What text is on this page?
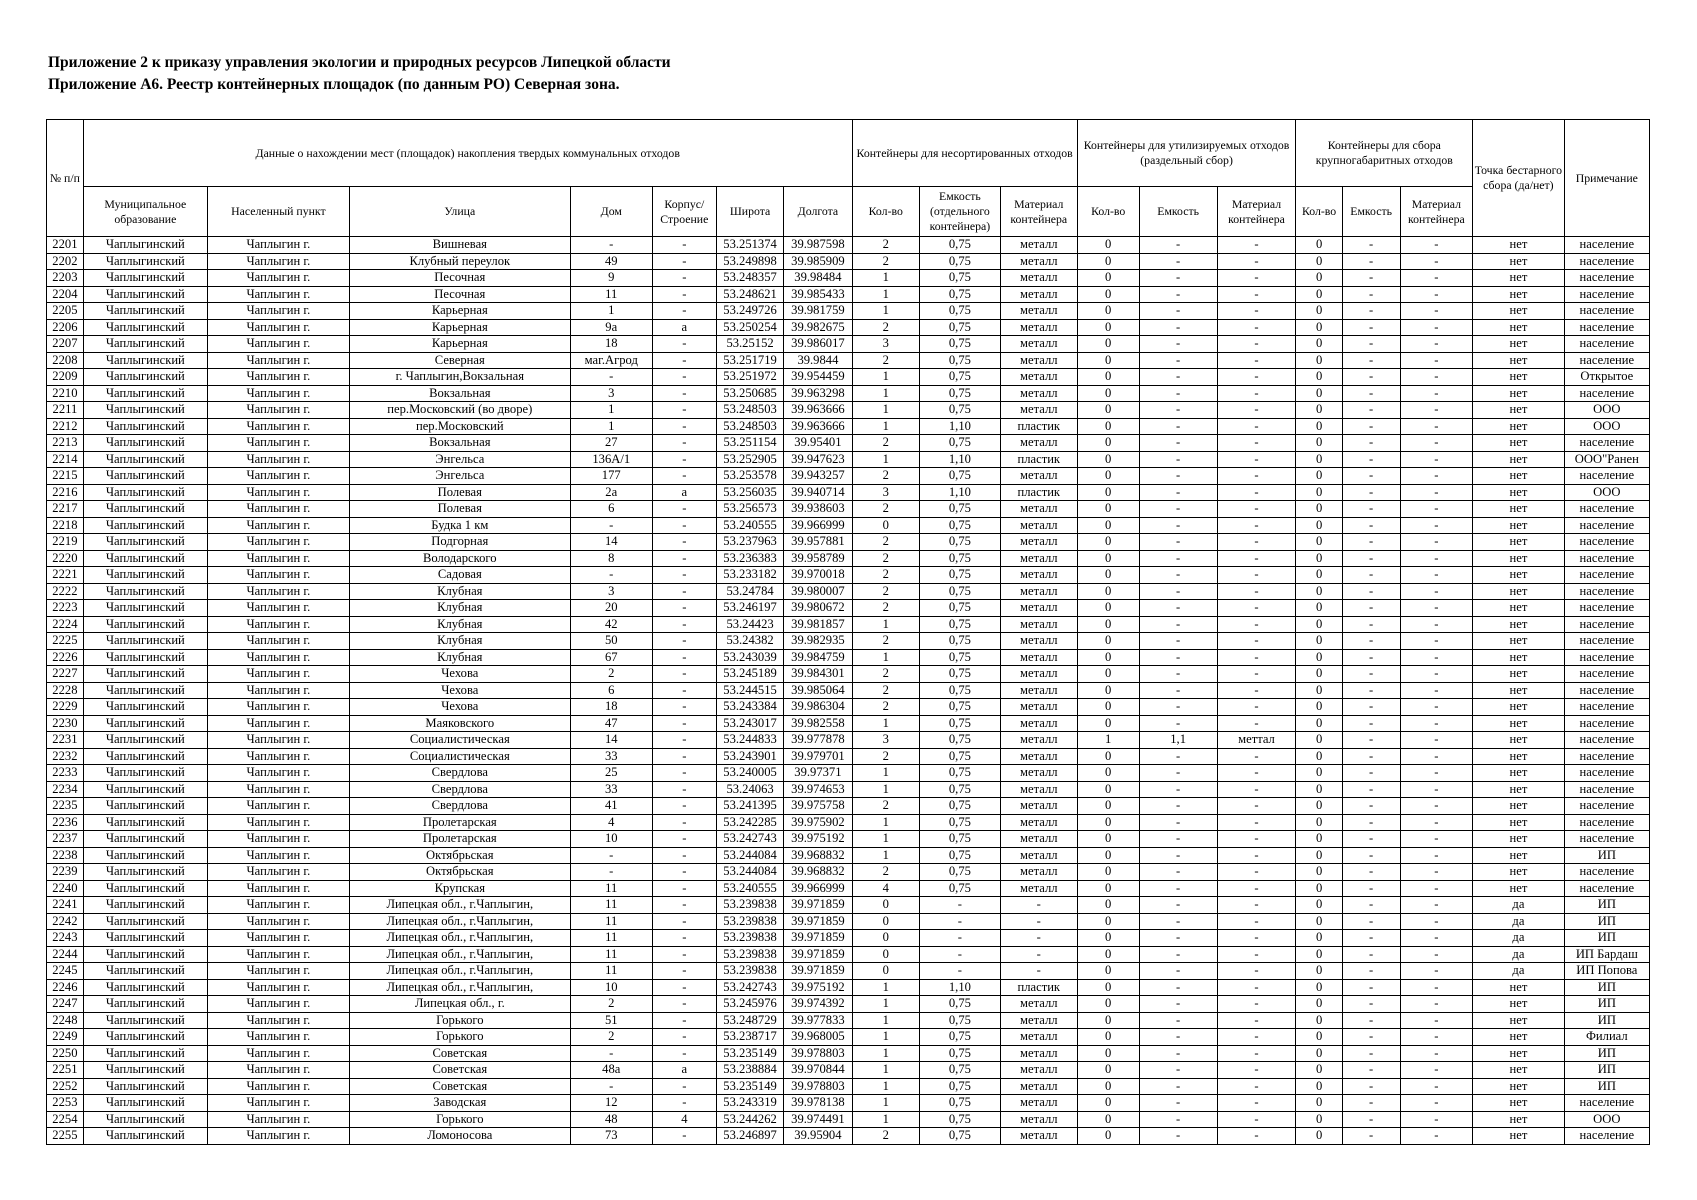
Приложение 2 к приказу управления экологии и природных ресурсов Липецкой области
Приложение А6. Реестр контейнерных площадок (по данным РО) Северная зона.
№ п/п	Данные о нахождении мест (площадок) накопления твердых коммунальных отходов							Контейнеры для несортированных отходов			Контейнеры для утилизируемых отходов (раздельный сбор)			Контейнеры для сбора крупногабаритных отходов			Точка бестарного сбора (да/нет)	Примечание
	Муниципальное образование	Населенный пункт	Улица	Дом	Корпус/ Строение	Широта	Долгота	Кол-во	Емкость (отдельного контейнера)	Материал контейнера	Кол-во	Емкость	Материал контейнера	Кол-во	Емкость	Материал контейнера		
2201	Чаплыгинский	Чаплыгин г.	Вишневая	-	-	53.251374	39.987598	2	0,75	металл	0	-	-	0	-	-	нет	население
2202	Чаплыгинский	Чаплыгин г.	Клубный переулок	49	-	53.249898	39.985909	2	0,75	металл	0	-	-	0	-	-	нет	население
2203	Чаплыгинский	Чаплыгин г.	Песочная	9	-	53.248357	39.98484	1	0,75	металл	0	-	-	0	-	-	нет	население
2204	Чаплыгинский	Чаплыгин г.	Песочная	11	-	53.248621	39.985433	1	0,75	металл	0	-	-	0	-	-	нет	население
2205	Чаплыгинский	Чаплыгин г.	Карьерная	1	-	53.249726	39.981759	1	0,75	металл	0	-	-	0	-	-	нет	население
2206	Чаплыгинский	Чаплыгин г.	Карьерная	9а	а	53.250254	39.982675	2	0,75	металл	0	-	-	0	-	-	нет	население
2207	Чаплыгинский	Чаплыгин г.	Карьерная	18	-	53.25152	39.986017	3	0,75	металл	0	-	-	0	-	-	нет	население
2208	Чаплыгинский	Чаплыгин г.	Северная	маг.Агрод	-	53.251719	39.9844	2	0,75	металл	0	-	-	0	-	-	нет	население
2209	Чаплыгинский	Чаплыгин г.	г. Чаплыгин,Вокзальная	-	-	53.251972	39.954459	1	0,75	металл	0	-	-	0	-	-	нет	Открытое
2210	Чаплыгинский	Чаплыгин г.	Вокзальная	3	-	53.250685	39.963298	1	0,75	металл	0	-	-	0	-	-	нет	население
2211	Чаплыгинский	Чаплыгин г.	пер.Московский (во дворе)	1	-	53.248503	39.963666	1	0,75	металл	0	-	-	0	-	-	нет	ООО
2212	Чаплыгинский	Чаплыгин г.	пер.Московский	1	-	53.248503	39.963666	1	1,10	пластик	0	-	-	0	-	-	нет	ООО
2213	Чаплыгинский	Чаплыгин г.	Вокзальная	27	-	53.251154	39.95401	2	0,75	металл	0	-	-	0	-	-	нет	население
2214	Чаплыгинский	Чаплыгин г.	Энгельса	136А/1	-	53.252905	39.947623	1	1,10	пластик	0	-	-	0	-	-	нет	ООО"Ранен
2215	Чаплыгинский	Чаплыгин г.	Энгельса	177	-	53.253578	39.943257	2	0,75	металл	0	-	-	0	-	-	нет	население
2216	Чаплыгинский	Чаплыгин г.	Полевая	2а	а	53.256035	39.940714	3	1,10	пластик	0	-	-	0	-	-	нет	ООО
2217	Чаплыгинский	Чаплыгин г.	Полевая	6	-	53.256573	39.938603	2	0,75	металл	0	-	-	0	-	-	нет	население
2218	Чаплыгинский	Чаплыгин г.	Будка 1 км	-	-	53.240555	39.966999	0	0,75	металл	0	-	-	0	-	-	нет	население
2219	Чаплыгинский	Чаплыгин г.	Подгорная	14	-	53.237963	39.957881	2	0,75	металл	0	-	-	0	-	-	нет	население
2220	Чаплыгинский	Чаплыгин г.	Володарского	8	-	53.236383	39.958789	2	0,75	металл	0	-	-	0	-	-	нет	население
2221	Чаплыгинский	Чаплыгин г.	Садовая	-	-	53.233182	39.970018	2	0,75	металл	0	-	-	0	-	-	нет	население
2222	Чаплыгинский	Чаплыгин г.	Клубная	3	-	53.24784	39.980007	2	0,75	металл	0	-	-	0	-	-	нет	население
2223	Чаплыгинский	Чаплыгин г.	Клубная	20	-	53.246197	39.980672	2	0,75	металл	0	-	-	0	-	-	нет	население
2224	Чаплыгинский	Чаплыгин г.	Клубная	42	-	53.24423	39.981857	1	0,75	металл	0	-	-	0	-	-	нет	население
2225	Чаплыгинский	Чаплыгин г.	Клубная	50	-	53.24382	39.982935	2	0,75	металл	0	-	-	0	-	-	нет	население
2226	Чаплыгинский	Чаплыгин г.	Клубная	67	-	53.243039	39.984759	1	0,75	металл	0	-	-	0	-	-	нет	население
2227	Чаплыгинский	Чаплыгин г.	Чехова	2	-	53.245189	39.984301	2	0,75	металл	0	-	-	0	-	-	нет	население
2228	Чаплыгинский	Чаплыгин г.	Чехова	6	-	53.244515	39.985064	2	0,75	металл	0	-	-	0	-	-	нет	население
2229	Чаплыгинский	Чаплыгин г.	Чехова	18	-	53.243384	39.986304	2	0,75	металл	0	-	-	0	-	-	нет	население
2230	Чаплыгинский	Чаплыгин г.	Маяковского	47	-	53.243017	39.982558	1	0,75	металл	0	-	-	0	-	-	нет	население
2231	Чаплыгинский	Чаплыгин г.	Социалистическая	14	-	53.244833	39.977878	3	0,75	металл	1	1,1	меттал	0	-	-	нет	население
2232	Чаплыгинский	Чаплыгин г.	Социалистическая	33	-	53.243901	39.979701	2	0,75	металл	0	-	-	0	-	-	нет	население
2233	Чаплыгинский	Чаплыгин г.	Свердлова	25	-	53.240005	39.97371	1	0,75	металл	0	-	-	0	-	-	нет	население
2234	Чаплыгинский	Чаплыгин г.	Свердлова	33	-	53.24063	39.974653	1	0,75	металл	0	-	-	0	-	-	нет	население
2235	Чаплыгинский	Чаплыгин г.	Свердлова	41	-	53.241395	39.975758	2	0,75	металл	0	-	-	0	-	-	нет	население
2236	Чаплыгинский	Чаплыгин г.	Пролетарская	4	-	53.242285	39.975902	1	0,75	металл	0	-	-	0	-	-	нет	население
2237	Чаплыгинский	Чаплыгин г.	Пролетарская	10	-	53.242743	39.975192	1	0,75	металл	0	-	-	0	-	-	нет	население
2238	Чаплыгинский	Чаплыгин г.	Октябрьская	-	-	53.244084	39.968832	1	0,75	металл	0	-	-	0	-	-	нет	ИП
2239	Чаплыгинский	Чаплыгин г.	Октябрьская	-	-	53.244084	39.968832	2	0,75	металл	0	-	-	0	-	-	нет	население
2240	Чаплыгинский	Чаплыгин г.	Крупская	11	-	53.240555	39.966999	4	0,75	металл	0	-	-	0	-	-	нет	население
2241	Чаплыгинский	Чаплыгин г.	Липецкая обл., г.Чаплыгин,	11	-	53.239838	39.971859	0	-	-	0	-	-	0	-	-	да	ИП
2242	Чаплыгинский	Чаплыгин г.	Липецкая обл., г.Чаплыгин,	11	-	53.239838	39.971859	0	-	-	0	-	-	0	-	-	да	ИП
2243	Чаплыгинский	Чаплыгин г.	Липецкая обл., г.Чаплыгин,	11	-	53.239838	39.971859	0	-	-	0	-	-	0	-	-	да	ИП
2244	Чаплыгинский	Чаплыгин г.	Липецкая обл., г.Чаплыгин,	11	-	53.239838	39.971859	0	-	-	0	-	-	0	-	-	да	ИП Бардаш
2245	Чаплыгинский	Чаплыгин г.	Липецкая обл., г.Чаплыгин,	11	-	53.239838	39.971859	0	-	-	0	-	-	0	-	-	да	ИП Попова
2246	Чаплыгинский	Чаплыгин г.	Липецкая обл., г.Чаплыгин,	10	-	53.242743	39.975192	1	1,10	пластик	0	-	-	0	-	-	нет	ИП
2247	Чаплыгинский	Чаплыгин г.	Липецкая обл., г.	2	-	53.245976	39.974392	1	0,75	металл	0	-	-	0	-	-	нет	ИП
2248	Чаплыгинский	Чаплыгин г.	Горького	51	-	53.248729	39.977833	1	0,75	металл	0	-	-	0	-	-	нет	ИП
2249	Чаплыгинский	Чаплыгин г.	Горького	2	-	53.238717	39.968005	1	0,75	металл	0	-	-	0	-	-	нет	Филиал
2250	Чаплыгинский	Чаплыгин г.	Советская	-	-	53.235149	39.978803	1	0,75	металл	0	-	-	0	-	-	нет	ИП
2251	Чаплыгинский	Чаплыгин г.	Советская	48а	а	53.238884	39.970844	1	0,75	металл	0	-	-	0	-	-	нет	ИП
2252	Чаплыгинский	Чаплыгин г.	Советская	-	-	53.235149	39.978803	1	0,75	металл	0	-	-	0	-	-	нет	ИП
2253	Чаплыгинский	Чаплыгин г.	Заводская	12	-	53.243319	39.978138	1	0,75	металл	0	-	-	0	-	-	нет	население
2254	Чаплыгинский	Чаплыгин г.	Горького	48	4	53.244262	39.974491	1	0,75	металл	0	-	-	0	-	-	нет	ООО
2255	Чаплыгинский	Чаплыгин г.	Ломоносова	73	-	53.246897	39.95904	2	0,75	металл	0	-	-	0	-	-	нет	население
